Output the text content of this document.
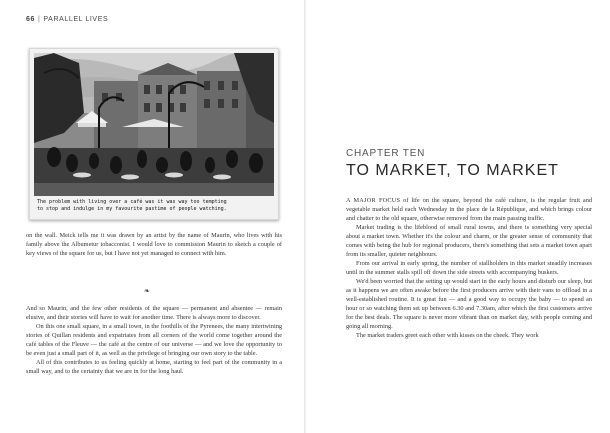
66 | PARALLEL LIVES
The problem with living over a café was it was way too tempting
to stop and indulge in my favourite pastime of people watching.

on the wall. Meick tells me it was drawn by an artist by the name of Maurin, who lives with his family above the Albumetur tobacconist. I would love to commission Maurin to sketch a couple of key views of the square for us, but I have not yet managed to connect with him.

❧

And so Maurin, and the few other residents of the square — permanent and absentee — remain elusive, and their stories will have to wait for another time. There is always more to discover.

On this one small square, in a small town, in the foothills of the Pyrenees, the many intertwining stories of Quillan residents and expatriates from all corners of the world come together around the café tables of the Fleuve — the café at the centre of our universe — and we love the opportunity to be even just a small part of it, as well as the privilege of bringing our own story to the table.

All of this contributes to us feeling quickly at home, starting to feel part of the community in a small way, and to the certainty that we are in for the long haul.

CHAPTER TEN
TO MARKET, TO MARKET

A MAJOR FOCUS of life on the square, beyond the café culture, is the regular fruit and vegetable market held each Wednesday in the place de la République, and which brings colour and chatter to the old square, otherwise removed from the main passing traffic.

Market trading is the lifeblood of small rural towns, and there is something very special about a market town. Whether it's the colour and charm, or the greater sense of community that comes with being the hub for regional producers, there's something that sets a market town apart from its smaller, quieter neighbours.

From our arrival in early spring, the number of stallholders in this market steadily increases until in the summer stalls spill off down the side streets with accompanying buskers.

We'd been worried that the setting up would start in the early hours and disturb our sleep, but as it happens we are often awake before the first producers arrive with their vans to offload in a well-established routine. It is great fun — and a good way to occupy the baby — to spend an hour or so watching them set up between 6.30 and 7.30am, after which the first customers arrive for the best deals. The square is never more vibrant than on market day, with people coming and going all morning.

The market traders greet each other with kisses on the cheek. They work
